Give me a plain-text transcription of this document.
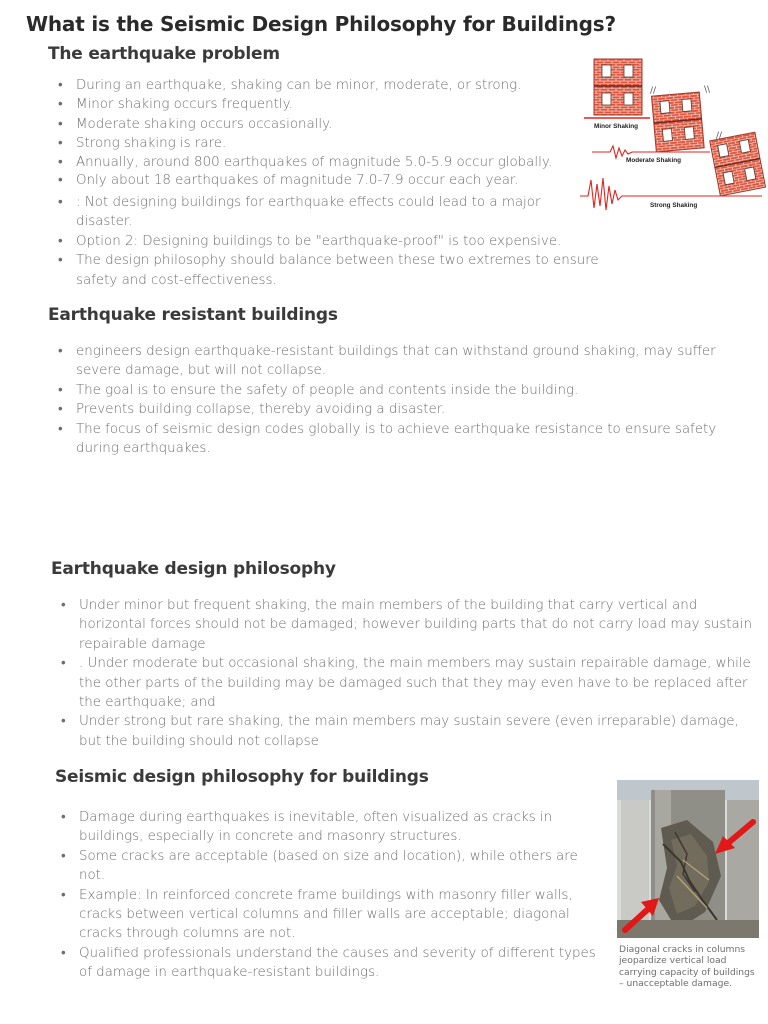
What is the Seismic Design Philosophy for Buildings?
The earthquake problem
• During an earthquake, shaking can be minor, moderate, or strong.
• Minor shaking occurs frequently.
• Moderate shaking occurs occasionally.
• Strong shaking is rare.
• Annually, around 800 earthquakes of magnitude 5.0-5.9 occur globally.
• Only about 18 earthquakes of magnitude 7.0-7.9 occur each year.
• : Not designing buildings for earthquake effects could lead to a major disaster.
• Option 2: Designing buildings to be "earthquake-proof" is too expensive.
• The design philosophy should balance between these two extremes to ensure safety and cost-effectiveness.
Minor Shaking
//	\\
Moderate Shaking
//
Strong Shaking
Earthquake resistant buildings
• engineers design earthquake-resistant buildings that can withstand ground shaking, may suffer severe damage, but will not collapse.
• The goal is to ensure the safety of people and contents inside the building.
• Prevents building collapse, thereby avoiding a disaster.
• The focus of seismic design codes globally is to achieve earthquake resistance to ensure safety during earthquakes.
Earthquake design philosophy
• Under minor but frequent shaking, the main members of the building that carry vertical and horizontal forces should not be damaged; however building parts that do not carry load may sustain repairable damage
• . Under moderate but occasional shaking, the main members may sustain repairable damage, while the other parts of the building may be damaged such that they may even have to be replaced after the earthquake; and
• Under strong but rare shaking, the main members may sustain severe (even irreparable) damage, but the building should not collapse
Seismic design philosophy for buildings
• Damage during earthquakes is inevitable, often visualized as cracks in buildings, especially in concrete and masonry structures.
• Some cracks are acceptable (based on size and location), while others are not.
• Example: In reinforced concrete frame buildings with masonry filler walls, cracks between vertical columns and filler walls are acceptable; diagonal cracks through columns are not.
• Qualified professionals understand the causes and severity of different types of damage in earthquake-resistant buildings.
Diagonal cracks in columns jeopardize vertical load carrying capacity of buildings – unacceptable damage.
